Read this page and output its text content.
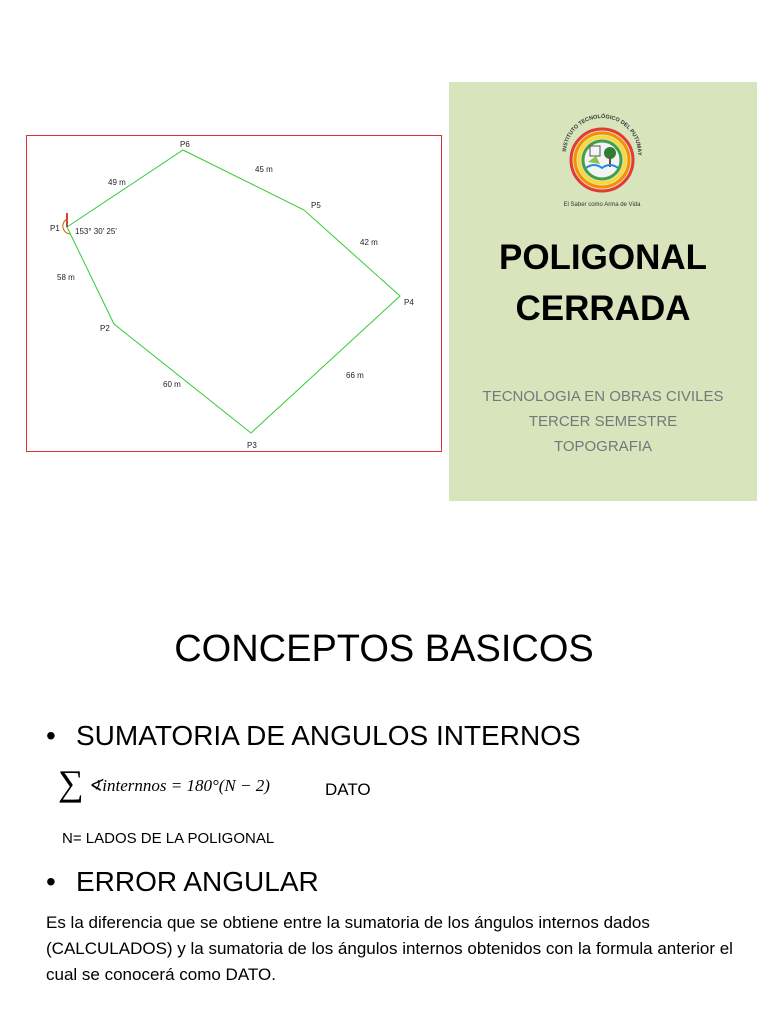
P1
P2
P3
P4
P5
P6
49 m
45 m
42 m
66 m
60 m
58 m
153° 30' 25'
INSTITUTO TECNOLÓGICO DEL PUTUMAY
El Saber como Arma de Vida
POLIGONAL
CERRADA
TECNOLOGIA EN OBRAS CIVILES
TERCER SEMESTRE
TOPOGRAFIA
CONCEPTOS BASICOS
• SUMATORIA DE ANGULOS INTERNOS
∑ ∢internnos = 180°(N − 2)	DATO
N= LADOS DE LA POLIGONAL
• ERROR ANGULAR
Es la diferencia que se obtiene entre la sumatoria de los ángulos internos dados (CALCULADOS) y la sumatoria de los ángulos internos obtenidos con la formula anterior el cual se conocerá como DATO.
